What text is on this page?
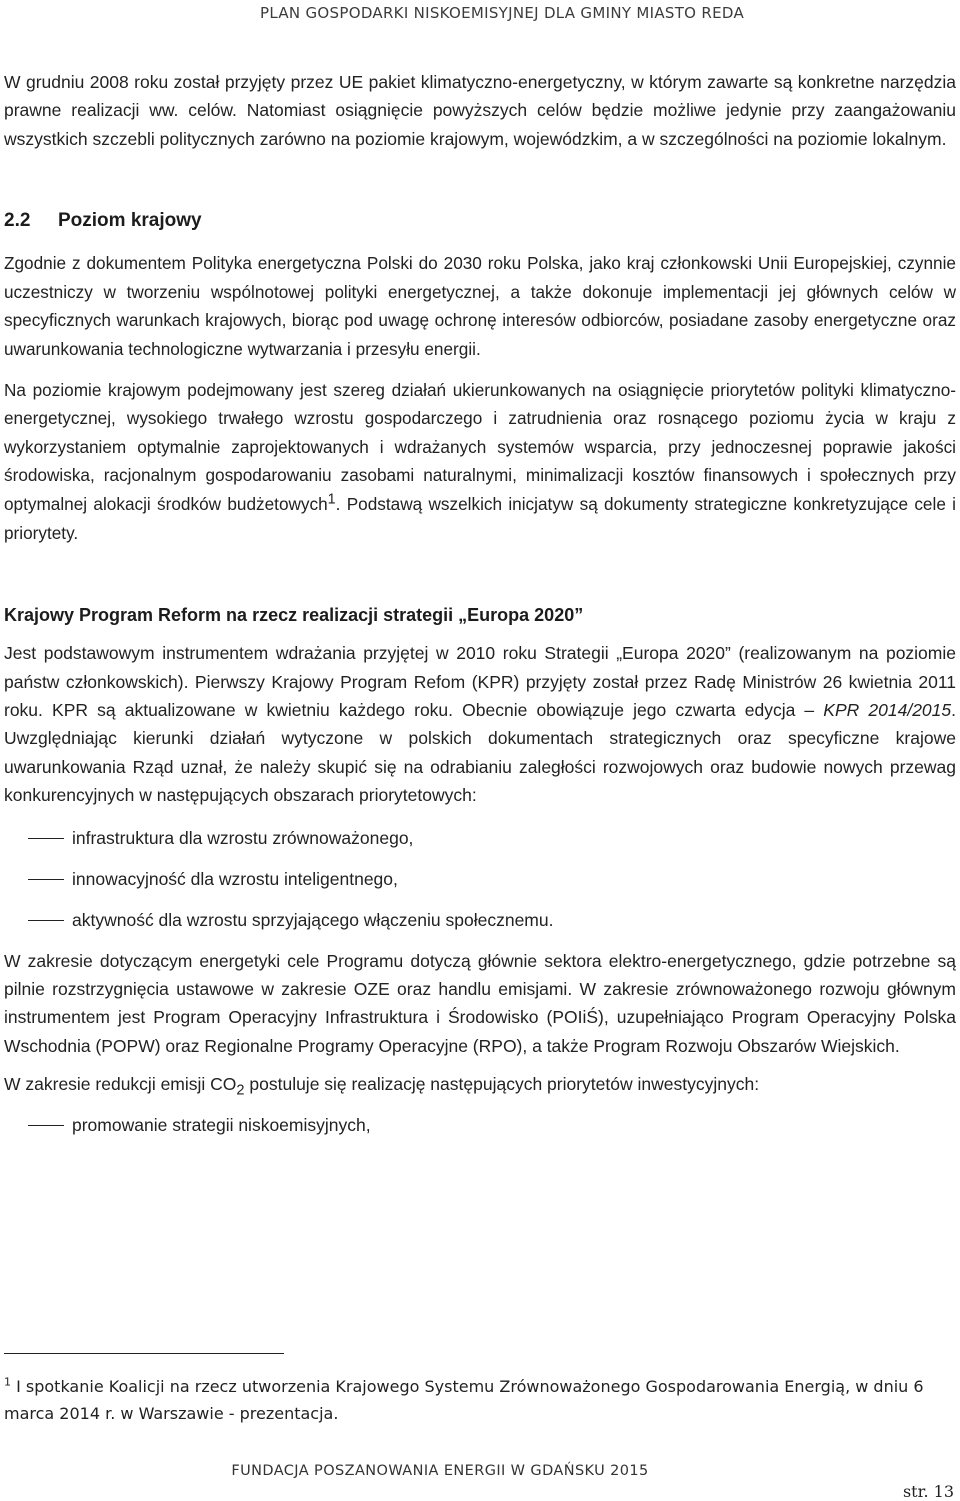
PLAN GOSPODARKI NISKOEMISYJNEJ DLA GMINY MIASTO REDA

W grudniu 2008 roku został przyjęty przez UE pakiet klimatyczno-energetyczny, w którym zawarte są konkretne narzędzia prawne realizacji ww. celów. Natomiast osiągnięcie powyższych celów będzie możliwe jedynie przy zaangażowaniu wszystkich szczebli politycznych zarówno na poziomie krajowym, wojewódzkim, a w szczególności na poziomie lokalnym.

2.2 Poziom krajowy

Zgodnie z dokumentem Polityka energetyczna Polski do 2030 roku Polska, jako kraj członkowski Unii Europejskiej, czynnie uczestniczy w tworzeniu wspólnotowej polityki energetycznej, a także dokonuje implementacji jej głównych celów w specyficznych warunkach krajowych, biorąc pod uwagę ochronę interesów odbiorców, posiadane zasoby energetyczne oraz uwarunkowania technologiczne wytwarzania i przesyłu energii.

Na poziomie krajowym podejmowany jest szereg działań ukierunkowanych na osiągnięcie priorytetów polityki klimatyczno-energetycznej, wysokiego trwałego wzrostu gospodarczego i zatrudnienia oraz rosnącego poziomu życia w kraju z wykorzystaniem optymalnie zaprojektowanych i wdrażanych systemów wsparcia, przy jednoczesnej poprawie jakości środowiska, racjonalnym gospodarowaniu zasobami naturalnymi, minimalizacji kosztów finansowych i społecznych przy optymalnej alokacji środków budżetowych$^1$. Podstawą wszelkich inicjatyw są dokumenty strategiczne konkretyzujące cele i priorytety.

Krajowy Program Reform na rzecz realizacji strategii „Europa 2020”

Jest podstawowym instrumentem wdrażania przyjętej w 2010 roku Strategii „Europa 2020” (realizowanym na poziomie państw członkowskich). Pierwszy Krajowy Program Refom (KPR) przyjęty został przez Radę Ministrów 26 kwietnia 2011 roku. KPR są aktualizowane w kwietniu każdego roku. Obecnie obowiązuje jego czwarta edycja – KPR 2014/2015. Uwzględniając kierunki działań wytyczone w polskich dokumentach strategicznych oraz specyficzne krajowe uwarunkowania Rząd uznał, że należy skupić się na odrabianiu zaległości rozwojowych oraz budowie nowych przewag konkurencyjnych w następujących obszarach priorytetowych:

infrastruktura dla wzrostu zrównoważonego,
innowacyjność dla wzrostu inteligentnego,
aktywność dla wzrostu sprzyjającego włączeniu społecznemu.

W zakresie dotyczącym energetyki cele Programu dotyczą głównie sektora elektro-energetycznego, gdzie potrzebne są pilnie rozstrzygnięcia ustawowe w zakresie OZE oraz handlu emisjami. W zakresie zrównoważonego rozwoju głównym instrumentem jest Program Operacyjny Infrastruktura i Środowisko (POIiŚ), uzupełniająco Program Operacyjny Polska Wschodnia (POPW) oraz Regionalne Programy Operacyjne (RPO), a także Program Rozwoju Obszarów Wiejskich.

W zakresie redukcji emisji $CO_2$ postuluje się realizację następujących priorytetów inwestycyjnych:

promowanie strategii niskoemisyjnych,
$^1$ I spotkanie Koalicji na rzecz utworzenia Krajowego Systemu Zrównoważonego Gospodarowania Energią, w dniu 6 marca 2014 r. w Warszawie - prezentacja.
FUNDACJA POSZANOWANIA ENERGII W GDAŃSKU 2015
str. 13
